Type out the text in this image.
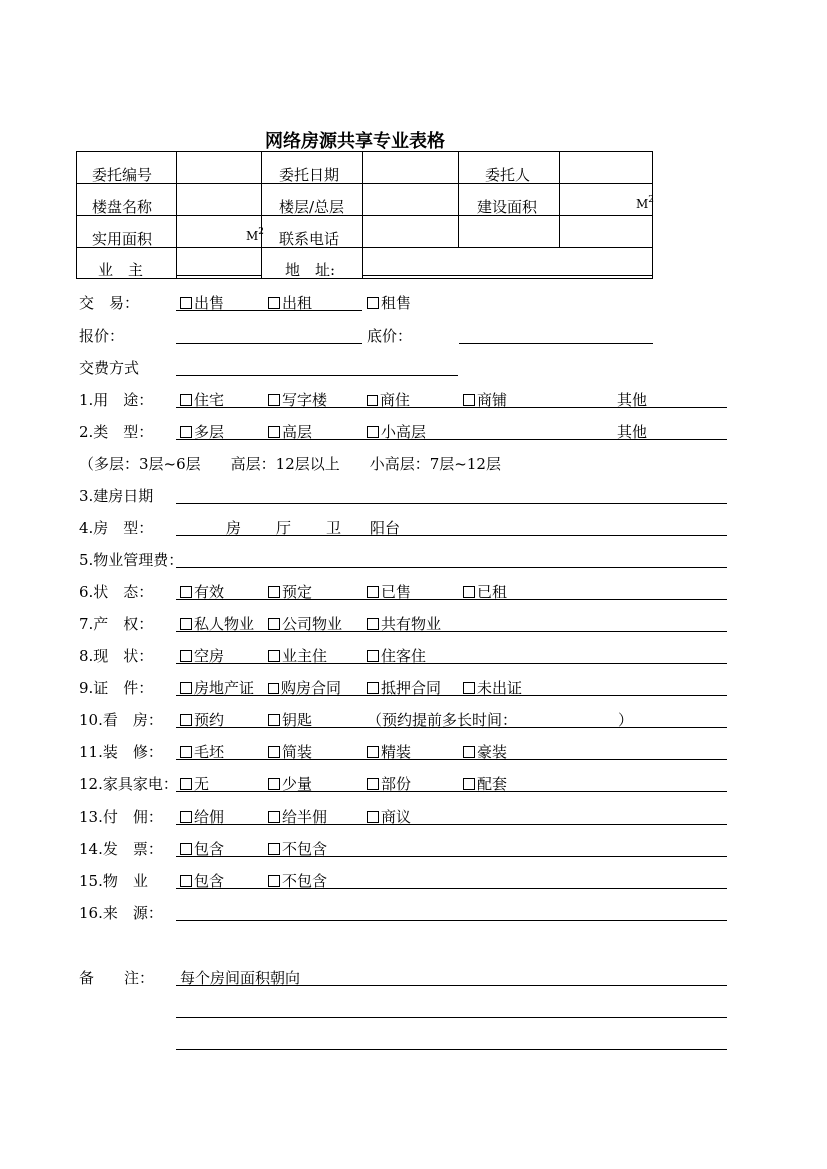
网络房源共享专业表格
委托编号	委托日期	委托人
楼盘名称	楼层/总层	建设面积	$M^2$
实用面积	$M^2$ 联系电话
业　主	地　址:
交　易：	出售	出租	租售
报价：	底价：
交费方式
1.用　途：	住宅	写字楼	商住	商铺	其他
2.类　型：	多层	高层	小高层	其他
（多层：3层~6层　　高层：12层以上　　小高层：7层~12层
3.建房日期
4.房　型：	房 厅 卫 阳台
5.物业管理费：
6.状　态：	有效	预定	已售	已租
7.产　权：	私人物业	公司物业	共有物业
8.现　状：	空房	业主住	住客住
9.证　件：	房地产证	购房合同	抵押合同	未出证
10.看　房：	预约	钥匙	（预约提前多长时间：	）
11.装　修：	毛坯	简装	精装	豪装
12.家具家电：	无	少量	部份	配套
13.付　佣：	给佣	给半佣	商议
14.发　票：	包含	不包含
15.物　业	包含	不包含
16.来　源：
备　　注： 每个房间面积朝向
